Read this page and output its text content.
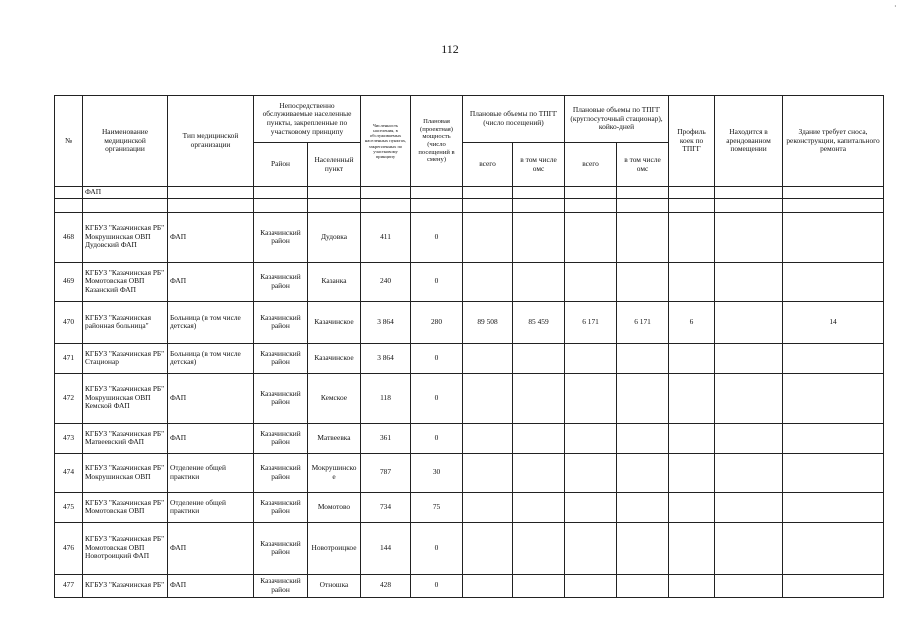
112
·
№	Наименование медицинской организации	Тип медицинской организации	Непосредственно обслуживаемые населенные пункты, закрепленные по участковому принципу		Численность населения, в обслуживаемых населенных пунктах, закрепленных по участковому принципу	Плановая (проектная) мощность (число посещений в смену)	Плановые объемы по ТПГГ (число посещений)		Плановые объемы по ТПГГ (круглосуточный стационар), койко-дней		Профиль коек по ТПГГ	Находится в арендованном помещении	Здание требует сноса, реконструкции, капитального ремонта
			Район	Населенный пункт			всего	в том числе омс	всего	в том числе омс			
	ФАП												

468	КГБУЗ "Казачинская РБ" Мокрушинская ОВП Дудовский ФАП	ФАП	Казачинский район	Дудовка	411	0							
469	КГБУЗ "Казачинская РБ" Момотовская ОВП Казанский ФАП	ФАП	Казачинский район	Казанка	240	0							
470	КГБУЗ "Казачинская районная больница"	Больница (в том числе детская)	Казачинский район	Казачинское	3 864	280	89 508	85 459	6 171	6 171	6		14
471	КГБУЗ "Казачинская РБ" Стационар	Больница (в том числе детская)	Казачинский район	Казачинское	3 864	0							
472	КГБУЗ "Казачинская РБ" Мокрушинская ОВП Кемской ФАП	ФАП	Казачинский район	Кемское	118	0							
473	КГБУЗ "Казачинская РБ" Матвеевский ФАП	ФАП	Казачинский район	Матвеевка	361	0							
474	КГБУЗ "Казачинская РБ" Мокрушинская ОВП	Отделение общей практики	Казачинский район	Мокрушинское	787	30							
475	КГБУЗ "Казачинская РБ" Момотовская ОВП	Отделение общей практики	Казачинский район	Момотово	734	75							
476	КГБУЗ "Казачинская РБ" Момотовская ОВП Новотроицкий ФАП	ФАП	Казачинский район	Новотроицкое	144	0							
477	КГБУЗ "Казачинская РБ"	ФАП	Казачинский район	Отношка	428	0							
